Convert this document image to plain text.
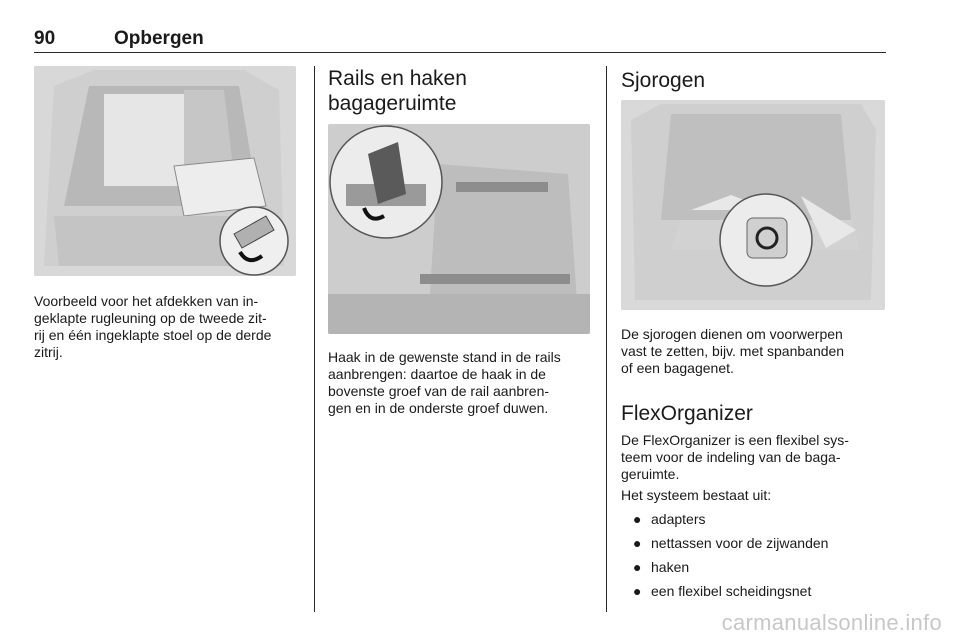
90	Opbergen

Voorbeeld voor het afdekken van in-
geklapte rugleuning op de tweede zit-
rij en één ingeklapte stoel op de derde
zitrij.

Rails en haken
bagageruimte

Haak in de gewenste stand in de rails
aanbrengen: daartoe de haak in de
bovenste groef van de rail aanbren-
gen en in de onderste groef duwen.

Sjorogen

De sjorogen dienen om voorwerpen
vast te zetten, bijv. met spanbanden
of een bagagenet.

FlexOrganizer

De FlexOrganizer is een flexibel sys-
teem voor de indeling van de baga-
geruimte.

Het systeem bestaat uit:

● adapters
● nettassen voor de zijwanden
● haken
● een flexibel scheidingsnet
carmanualsonline.info
